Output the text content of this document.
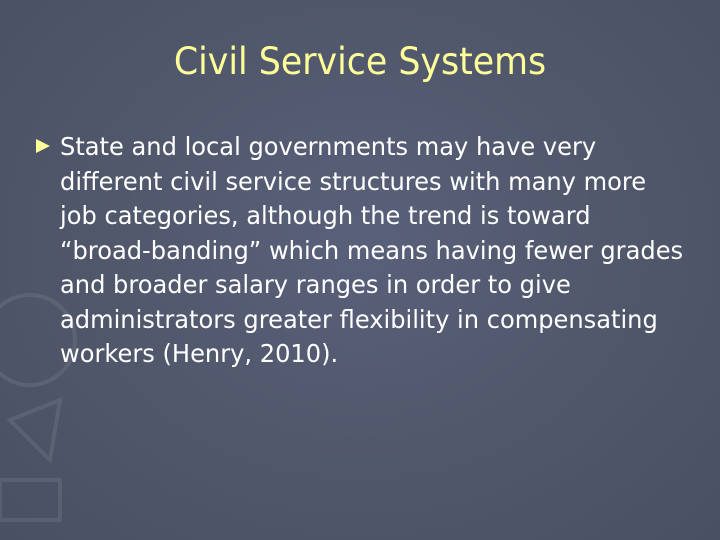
Civil Service Systems
State and local governments may have very different civil service structures with many more job categories, although the trend is toward “broad-banding” which means having fewer grades and broader salary ranges in order to give administrators greater flexibility in compensating workers (Henry, 2010).
